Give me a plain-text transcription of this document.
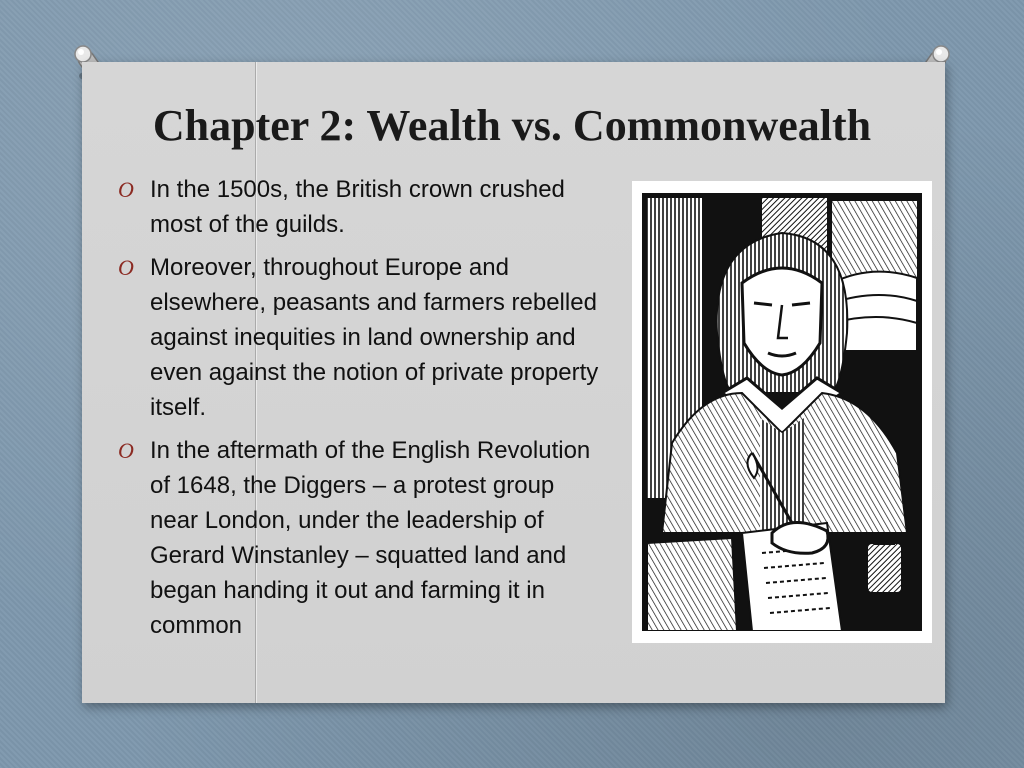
Chapter 2: Wealth vs. Commonwealth
O In the 1500s, the British crown crushed most of the guilds.
O Moreover, throughout Europe and elsewhere, peasants and farmers rebelled against inequities in land ownership and even against the notion of private property itself.
O In the aftermath of the English Revolution of 1648, the Diggers – a protest group near London, under the leadership of Gerard Winstanley – squatted land and began handing it out and farming it in common
